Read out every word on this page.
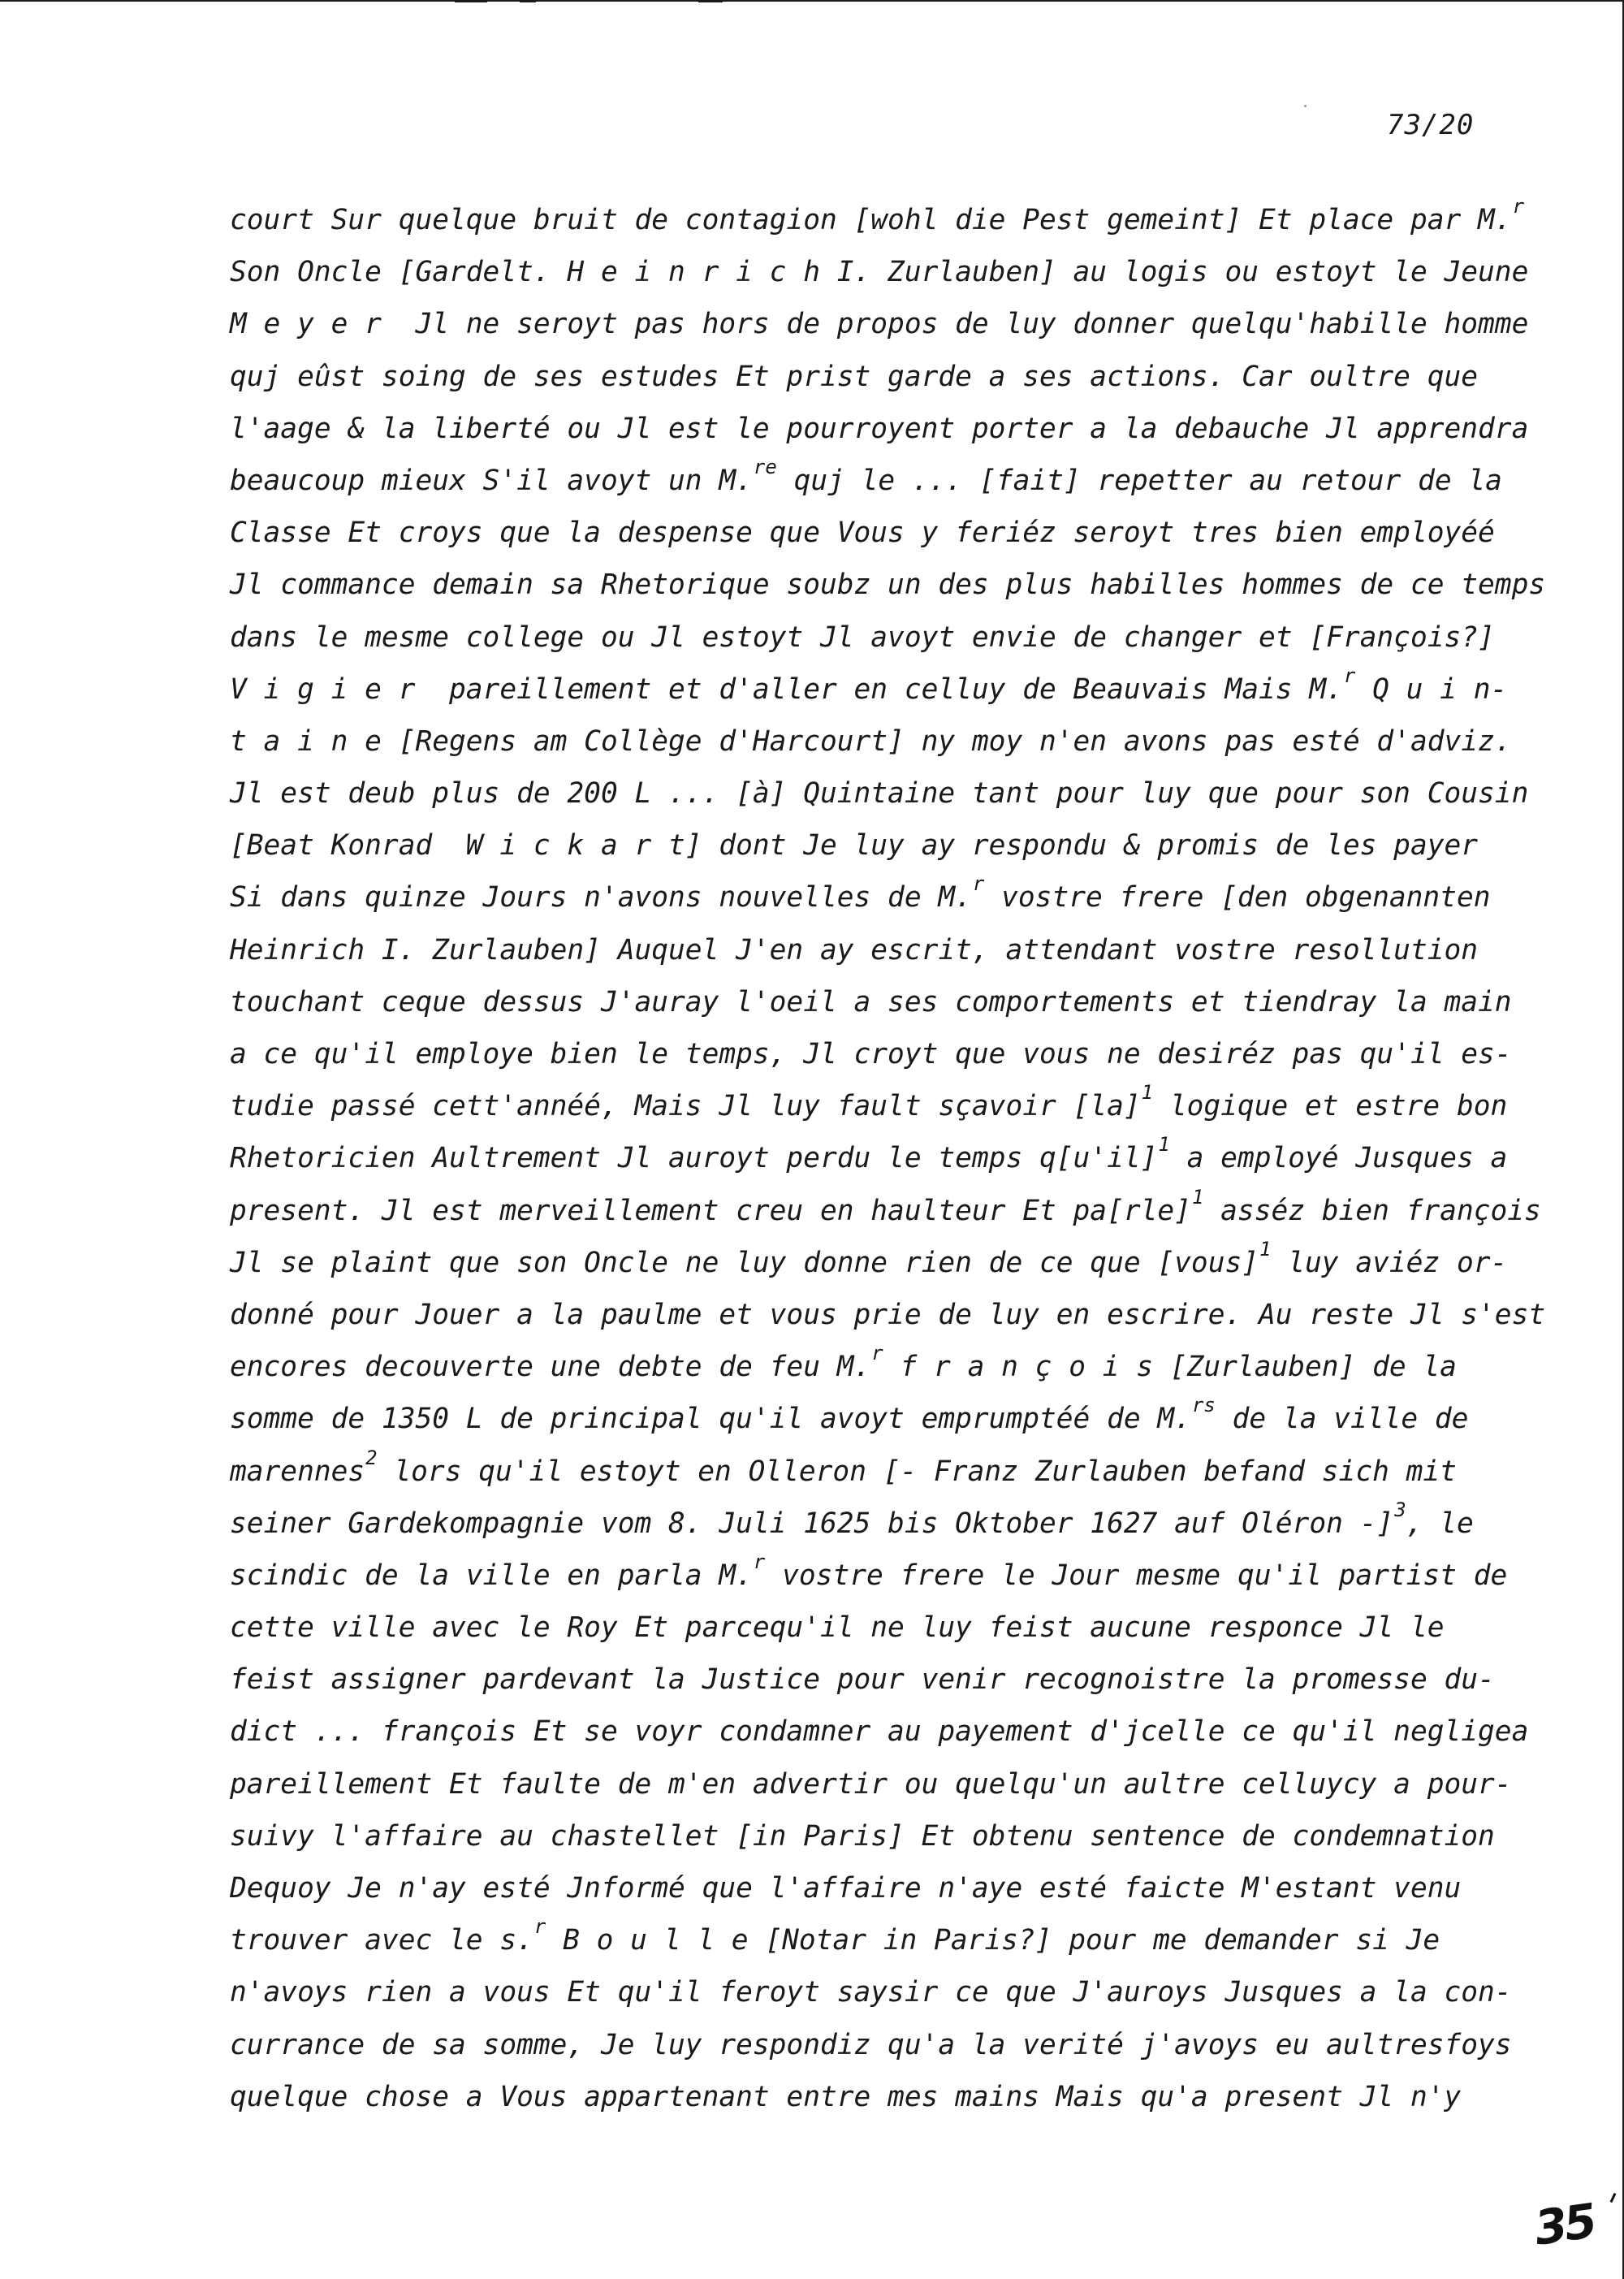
73/20
court Sur quelque bruit de contagion [wohl die Pest gemeint] Et place par M.$^r$
Son Oncle [Gardelt. H e i n r i c h I. Zurlauben] au logis ou estoyt le Jeune
M e y e r  Jl ne seroyt pas hors de propos de luy donner quelqu'habille homme
quj eûst soing de ses estudes Et prist garde a ses actions. Car oultre que
l'aage & la liberté ou Jl est le pourroyent porter a la debauche Jl apprendra
beaucoup mieux S'il avoyt un M.$^{re}$ quj le ... [fait] repetter au retour de la
Classe Et croys que la despense que Vous y feriéz seroyt tres bien employéé
Jl commance demain sa Rhetorique soubz un des plus habilles hommes de ce temps
dans le mesme college ou Jl estoyt Jl avoyt envie de changer et [François?]
V i g i e r  pareillement et d'aller en celluy de Beauvais Mais M.$^r$ Q u i n-
t a i n e [Regens am Collège d'Harcourt] ny moy n'en avons pas esté d'adviz.
Jl est deub plus de 200 L ... [à] Quintaine tant pour luy que pour son Cousin
[Beat Konrad  W i c k a r t] dont Je luy ay respondu & promis de les payer
Si dans quinze Jours n'avons nouvelles de M.$^r$ vostre frere [den obgenannten
Heinrich I. Zurlauben] Auquel J'en ay escrit, attendant vostre resollution
touchant ceque dessus J'auray l'oeil a ses comportements et tiendray la main
a ce qu'il employe bien le temps, Jl croyt que vous ne desiréz pas qu'il es-
tudie passé cett'annéé, Mais Jl luy fault sçavoir [la]$^1$ logique et estre bon
Rhetoricien Aultrement Jl auroyt perdu le temps $q[u'il]^1$ a employé Jusques a
present. Jl est merveillement creu en haulteur Et pa[rle]$^1$ asséz bien françois
Jl se plaint que son Oncle ne luy donne rien de ce que [vous]$^1$ luy aviéz or-
donné pour Jouer a la paulme et vous prie de luy en escrire. Au reste Jl s'est
encores decouverte une debte de feu M.$^r$ f r a n ç o i s [Zurlauben] de la
somme de 1350 L de principal qu'il avoyt emprumptéé de M.$^{rs}$ de la ville de
marennes$^2$ lors qu'il estoyt en Olleron [- Franz Zurlauben befand sich mit
seiner Gardekompagnie vom 8. Juli 1625 bis Oktober 1627 auf Oléron -]$^3$, le
scindic de la ville en parla M.$^r$ vostre frere le Jour mesme qu'il partist de
cette ville avec le Roy Et parcequ'il ne luy feist aucune responce Jl le
feist assigner pardevant la Justice pour venir recognoistre la promesse du-
dict ... françois Et se voyr condamner au payement d'jcelle ce qu'il negligea
pareillement Et faulte de m'en advertir ou quelqu'un aultre celluycy a pour-
suivy l'affaire au chastellet [in Paris] Et obtenu sentence de condemnation
Dequoy Je n'ay esté Jnformé que l'affaire n'aye esté faicte M'estant venu
trouver avec le s.$^r$ B o u l l e [Notar in Paris?] pour me demander si Je
n'avoys rien a vous Et qu'il feroyt saysir ce que J'auroys Jusques a la con-
currance de sa somme, Je luy respondiz qu'a la verité j'avoys eu aultresfoys
quelque chose a Vous appartenant entre mes mains Mais qu'a present Jl n'y
35
